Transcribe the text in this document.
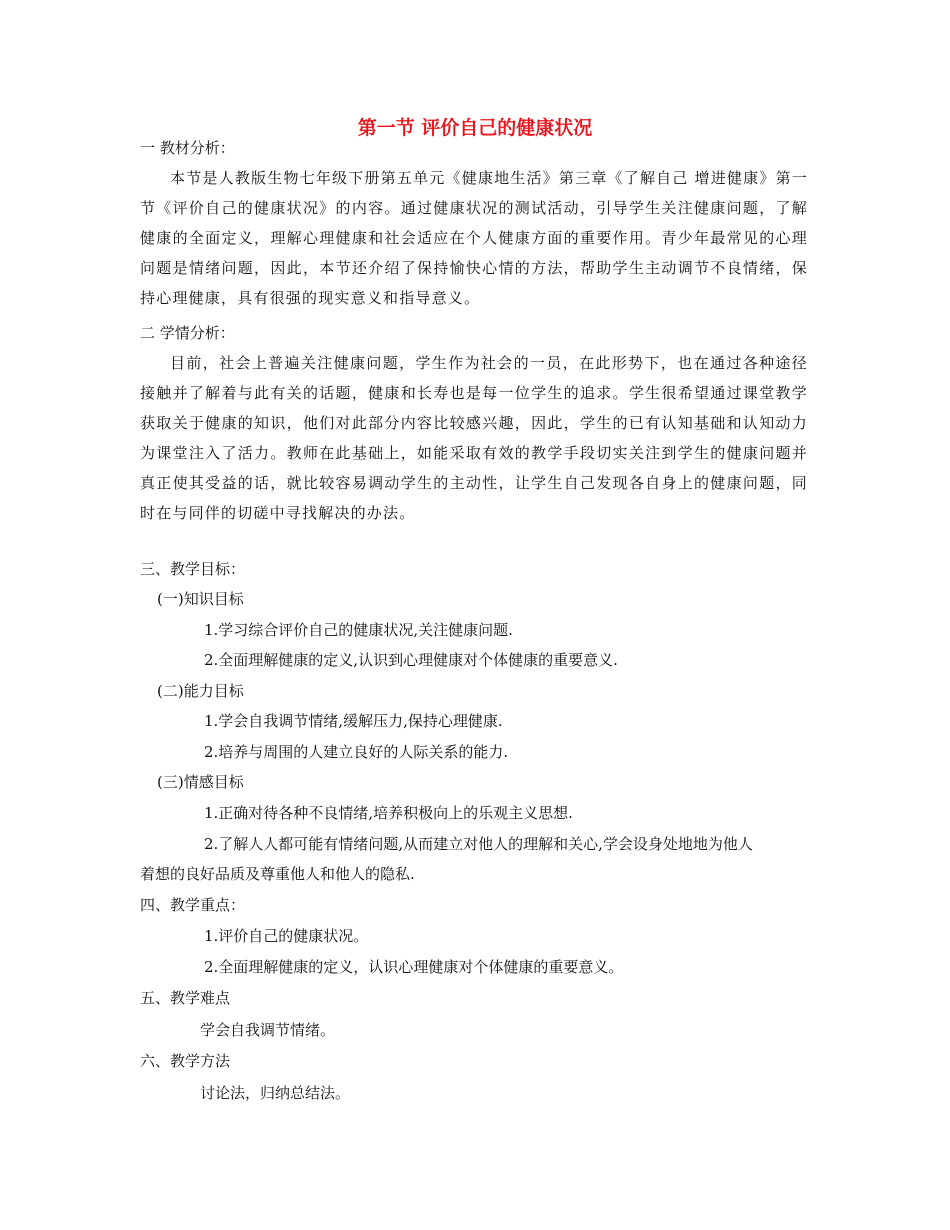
第一节 评价自己的健康状况
一 教材分析：
本节是人教版生物七年级下册第五单元《健康地生活》第三章《了解自己 增进健康》第一节《评价自己的健康状况》的内容。通过健康状况的测试活动，引导学生关注健康问题，了解健康的全面定义，理解心理健康和社会适应在个人健康方面的重要作用。青少年最常见的心理问题是情绪问题，因此，本节还介绍了保持愉快心情的方法，帮助学生主动调节不良情绪，保持心理健康，具有很强的现实意义和指导意义。
二 学情分析：
目前，社会上普遍关注健康问题，学生作为社会的一员，在此形势下，也在通过各种途径接触并了解着与此有关的话题，健康和长寿也是每一位学生的追求。学生很希望通过课堂教学获取关于健康的知识，他们对此部分内容比较感兴趣，因此，学生的已有认知基础和认知动力为课堂注入了活力。教师在此基础上，如能采取有效的教学手段切实关注到学生的健康问题并真正使其受益的话，就比较容易调动学生的主动性，让学生自己发现各自身上的健康问题，同时在与同伴的切磋中寻找解决的办法。
三、教学目标：
(一)知识目标
1.学习综合评价自己的健康状况,关注健康问题.
2.全面理解健康的定义,认识到心理健康对个体健康的重要意义.
(二)能力目标
1.学会自我调节情绪,缓解压力,保持心理健康.
2.培养与周围的人建立良好的人际关系的能力.
(三)情感目标
1.正确对待各种不良情绪,培养积极向上的乐观主义思想.
2.了解人人都可能有情绪问题,从而建立对他人的理解和关心,学会设身处地地为他人
着想的良好品质及尊重他人和他人的隐私.
四、教学重点：
1.评价自己的健康状况。
2.全面理解健康的定义，认识心理健康对个体健康的重要意义。
五、教学难点
学会自我调节情绪。
六、教学方法
讨论法，归纳总结法。
